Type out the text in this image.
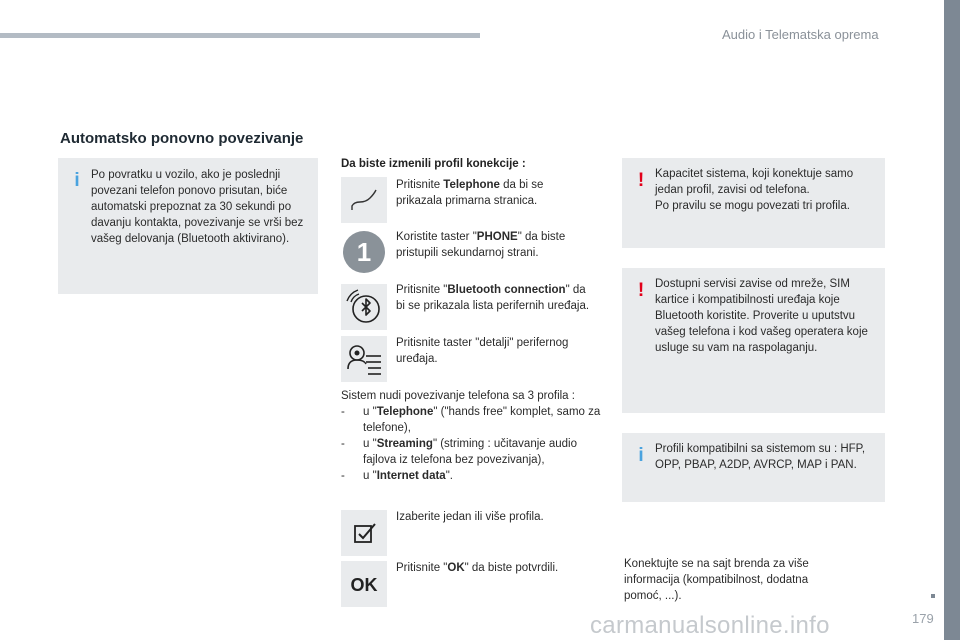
Audio i Telematska oprema
179
Automatsko ponovno povezivanje
i Po povratku u vozilo, ako je poslednji povezani telefon ponovo prisutan, biće automatski prepoznat za 30 sekundi po davanju kontakta, povezivanje se vrši bez vašeg delovanja (Bluetooth aktivirano).
Da biste izmenili profil konekcije :
Pritisnite Telephone da bi se prikazala primarna stranica.
1 Koristite taster "PHONE" da biste pristupili sekundarnoj strani.
Pritisnite "Bluetooth connection" da bi se prikazala lista perifernih uređaja.
Pritisnite taster "detalji" perifernog uređaja.
Sistem nudi povezivanje telefona sa 3 profila :
- u "Telephone" ("hands free" komplet, samo za telefone),
- u "Streaming" (striming : učitavanje audio fajlova iz telefona bez povezivanja),
- u "Internet data".
Izaberite jedan ili više profila.
OK
Pritisnite "OK" da biste potvrdili.
! Kapacitet sistema, koji konektuje samo jedan profil, zavisi od telefona.
Po pravilu se mogu povezati tri profila.
! Dostupni servisi zavise od mreže, SIM kartice i kompatibilnosti uređaja koje Bluetooth koristite. Proverite u uputstvu vašeg telefona i kod vašeg operatera koje usluge su vam na raspolaganju.
i Profili kompatibilni sa sistemom su : HFP, OPP, PBAP, A2DP, AVRCP, MAP i PAN.
Konektujte se na sajt brenda za više informacija (kompatibilnost, dodatna pomoć, ...).
carmanualsonline.info
